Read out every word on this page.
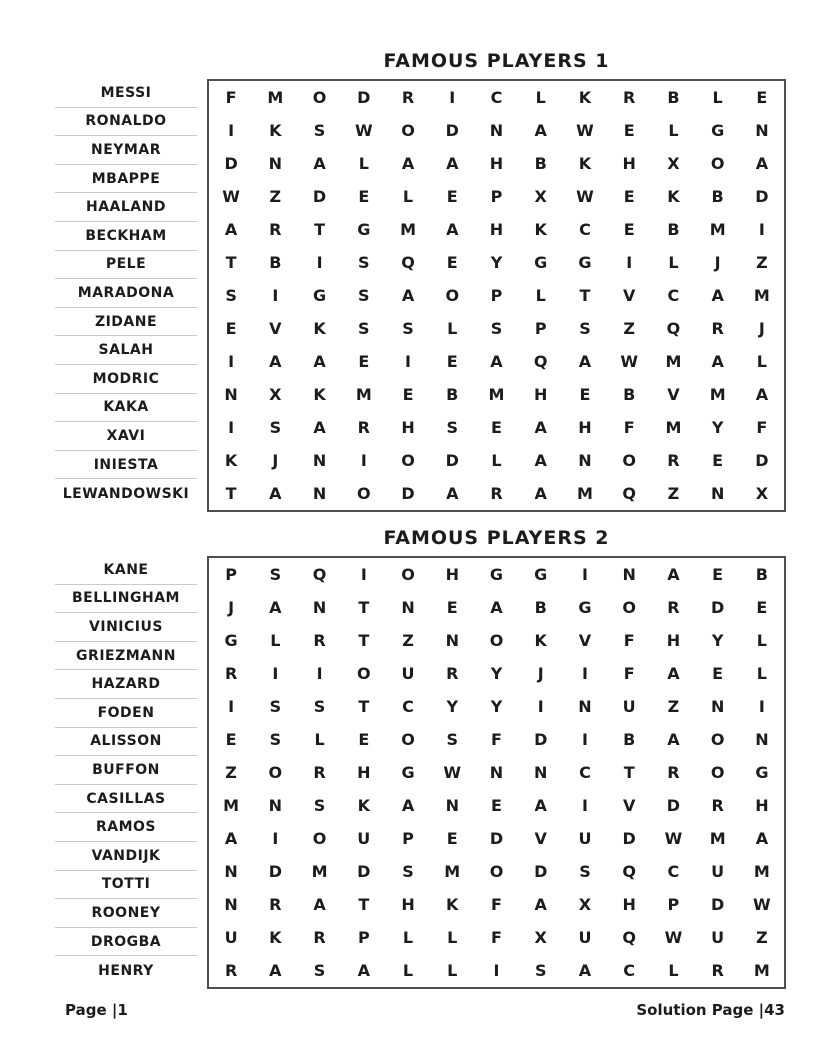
FAMOUS PLAYERS 1
MESSI
RONALDO
NEYMAR
MBAPPE
HAALAND
BECKHAM
PELE
MARADONA
ZIDANE
SALAH
MODRIC
KAKA
XAVI
INIESTA
LEWANDOWSKI
F	M	O	D	R	I	C	L	K	R	B	L	E
I	K	S	W	O	D	N	A	W	E	L	G	N
D	N	A	L	A	A	H	B	K	H	X	O	A
W	Z	D	E	L	E	P	X	W	E	K	B	D
A	R	T	G	M	A	H	K	C	E	B	M	I
T	B	I	S	Q	E	Y	G	G	I	L	J	Z
S	I	G	S	A	O	P	L	T	V	C	A	M
E	V	K	S	S	L	S	P	S	Z	Q	R	J
I	A	A	E	I	E	A	Q	A	W	M	A	L
N	X	K	M	E	B	M	H	E	B	V	M	A
I	S	A	R	H	S	E	A	H	F	M	Y	F
K	J	N	I	O	D	L	A	N	O	R	E	D
T	A	N	O	D	A	R	A	M	Q	Z	N	X
FAMOUS PLAYERS 2
KANE
BELLINGHAM
VINICIUS
GRIEZMANN
HAZARD
FODEN
ALISSON
BUFFON
CASILLAS
RAMOS
VANDIJK
TOTTI
ROONEY
DROGBA
HENRY
P	S	Q	I	O	H	G	G	I	N	A	E	B
J	A	N	T	N	E	A	B	G	O	R	D	E
G	L	R	T	Z	N	O	K	V	F	H	Y	L
R	I	I	O	U	R	Y	J	I	F	A	E	L
I	S	S	T	C	Y	Y	I	N	U	Z	N	I
E	S	L	E	O	S	F	D	I	B	A	O	N
Z	O	R	H	G	W	N	N	C	T	R	O	G
M	N	S	K	A	N	E	A	I	V	D	R	H
A	I	O	U	P	E	D	V	U	D	W	M	A
N	D	M	D	S	M	O	D	S	Q	C	U	M
N	R	A	T	H	K	F	A	X	H	P	D	W
U	K	R	P	L	L	F	X	U	Q	W	U	Z
R	A	S	A	L	L	I	S	A	C	L	R	M
Page |1	Solution Page |43
